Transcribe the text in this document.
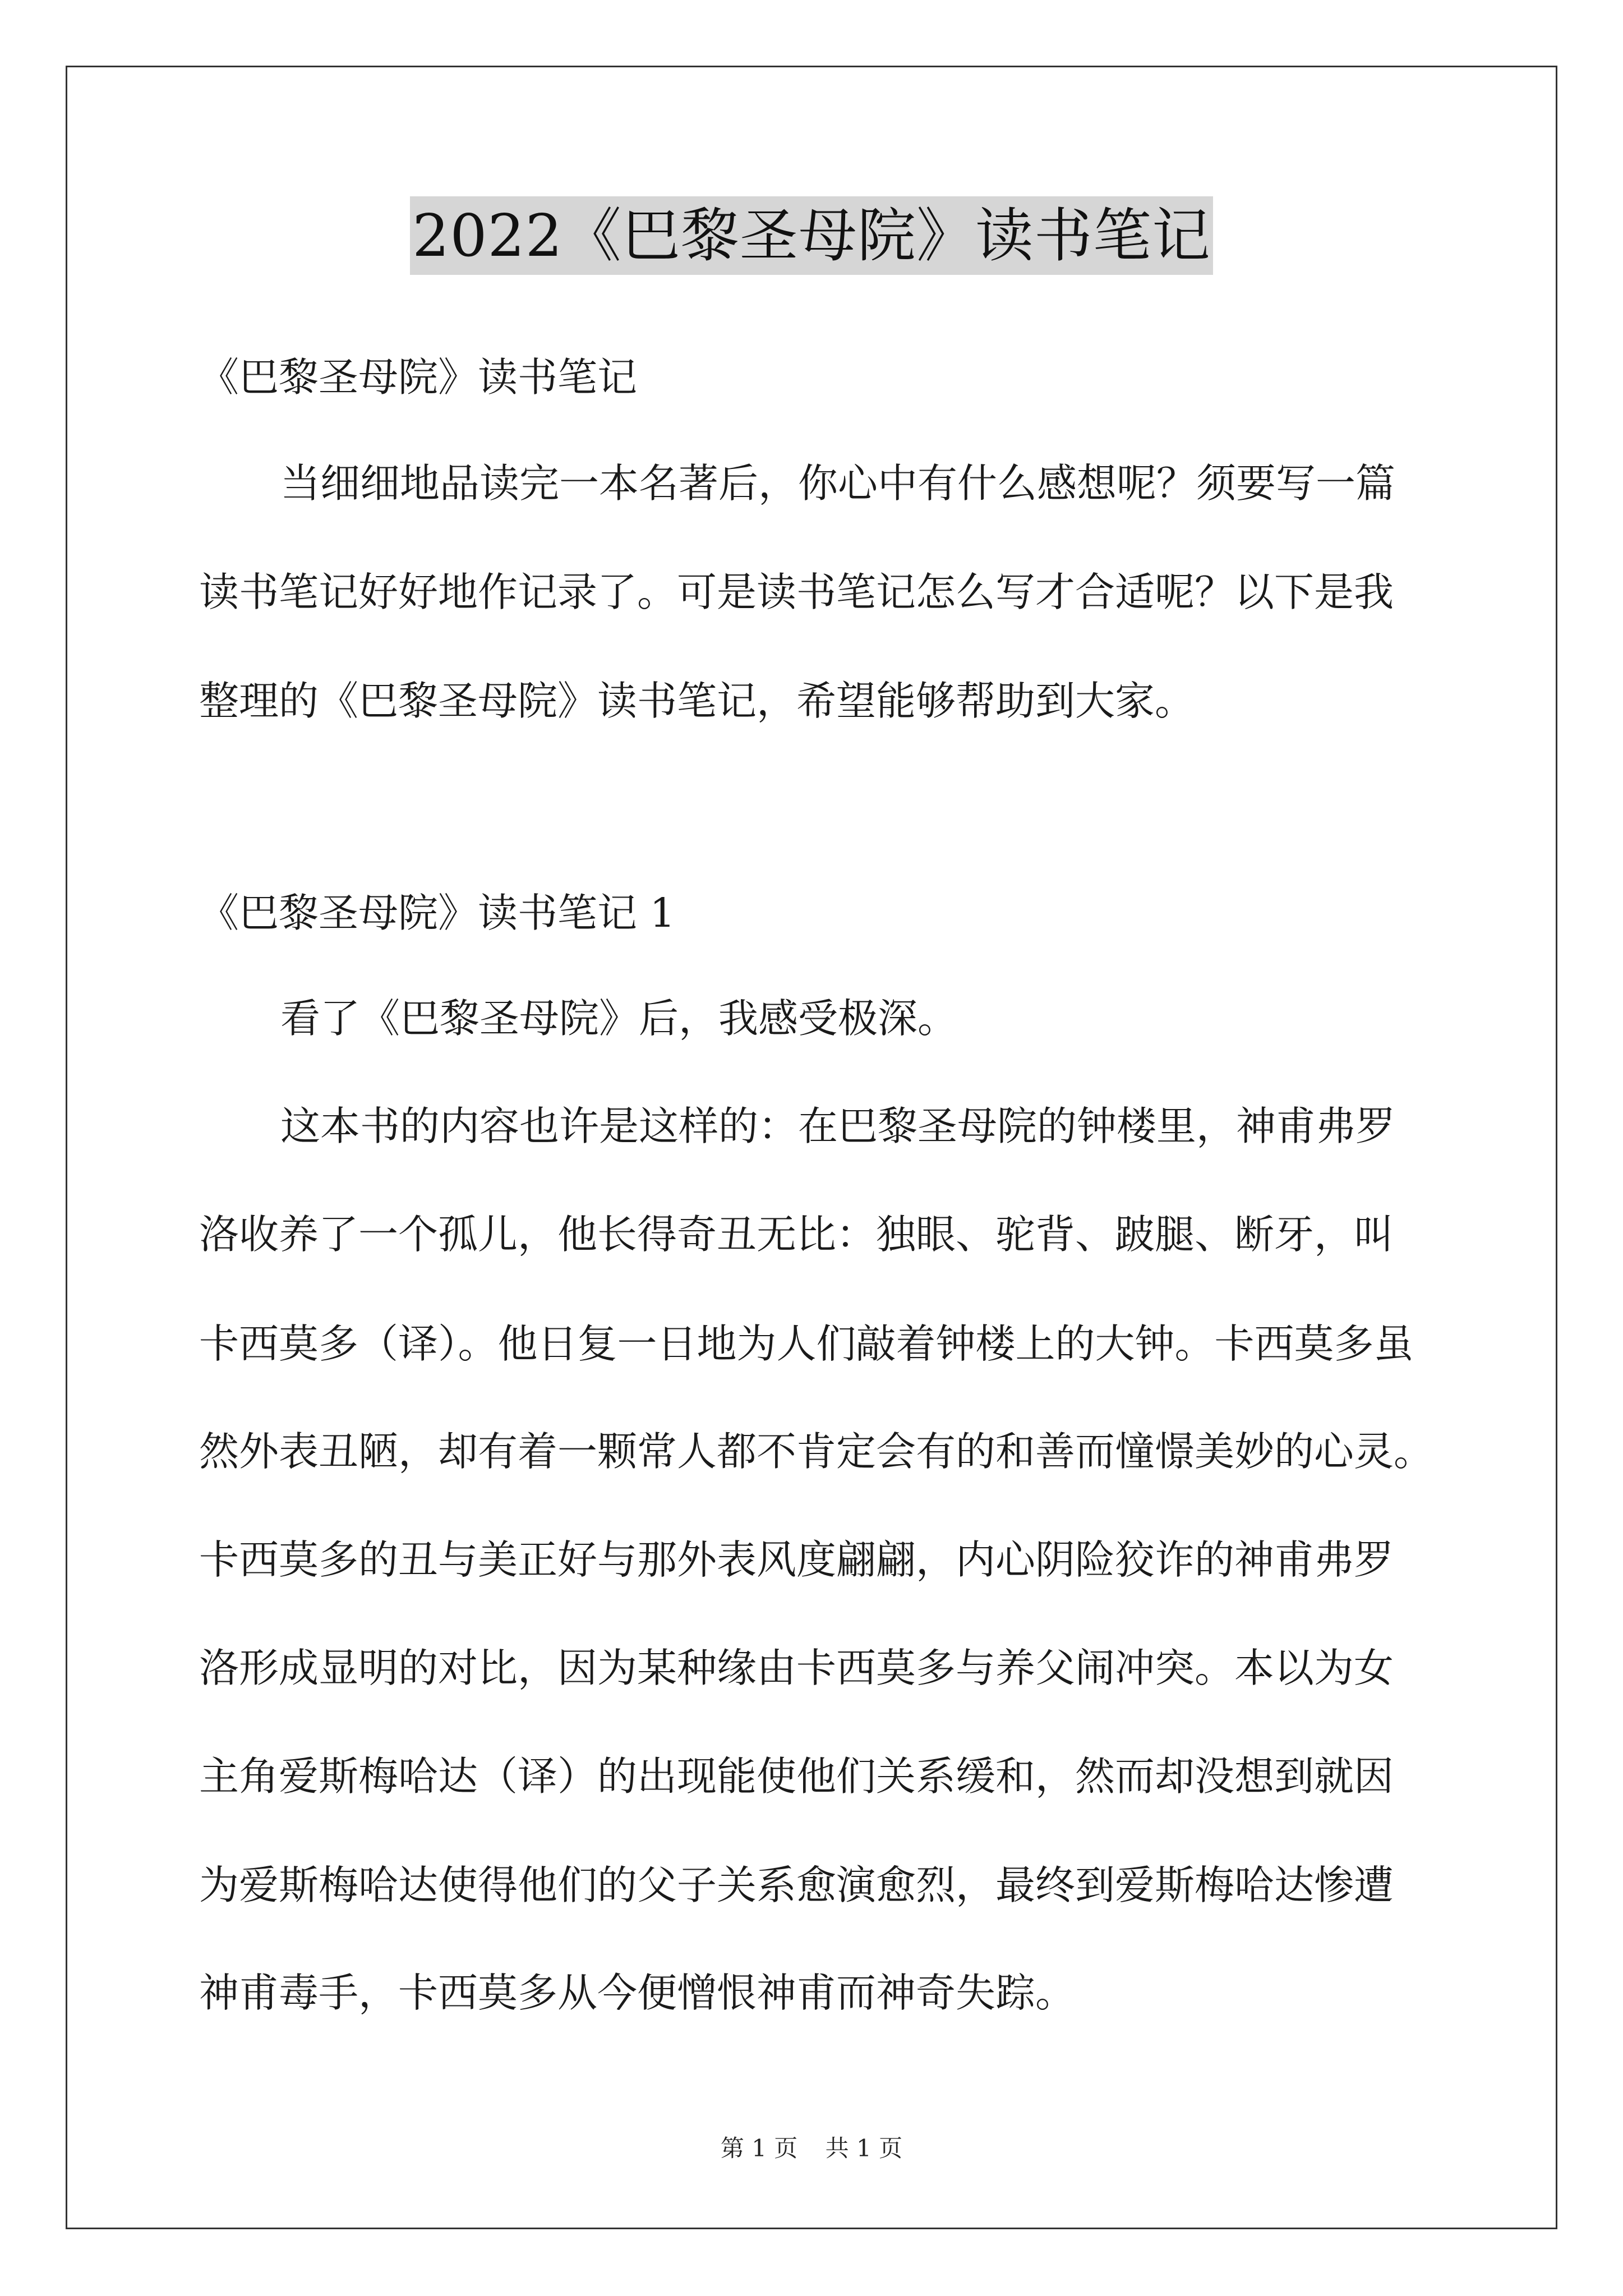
2022《巴黎圣母院》读书笔记
《巴黎圣母院》读书笔记
当细细地品读完一本名著后，你心中有什么感想呢？须要写一篇
读书笔记好好地作记录了。可是读书笔记怎么写才合适呢？以下是我
整理的《巴黎圣母院》读书笔记，希望能够帮助到大家。
《巴黎圣母院》读书笔记 1
看了《巴黎圣母院》后，我感受极深。
这本书的内容也许是这样的：在巴黎圣母院的钟楼里，神甫弗罗
洛收养了一个孤儿，他长得奇丑无比：独眼、驼背、跛腿、断牙，叫
卡西莫多（译）。他日复一日地为人们敲着钟楼上的大钟。卡西莫多虽
然外表丑陋，却有着一颗常人都不肯定会有的和善而憧憬美妙的心灵。
卡西莫多的丑与美正好与那外表风度翩翩，内心阴险狡诈的神甫弗罗
洛形成显明的对比，因为某种缘由卡西莫多与养父闹冲突。本以为女
主角爱斯梅哈达（译）的出现能使他们关系缓和，然而却没想到就因
为爱斯梅哈达使得他们的父子关系愈演愈烈，最终到爱斯梅哈达惨遭
神甫毒手，卡西莫多从今便憎恨神甫而神奇失踪。
第 1 页 共 1 页
